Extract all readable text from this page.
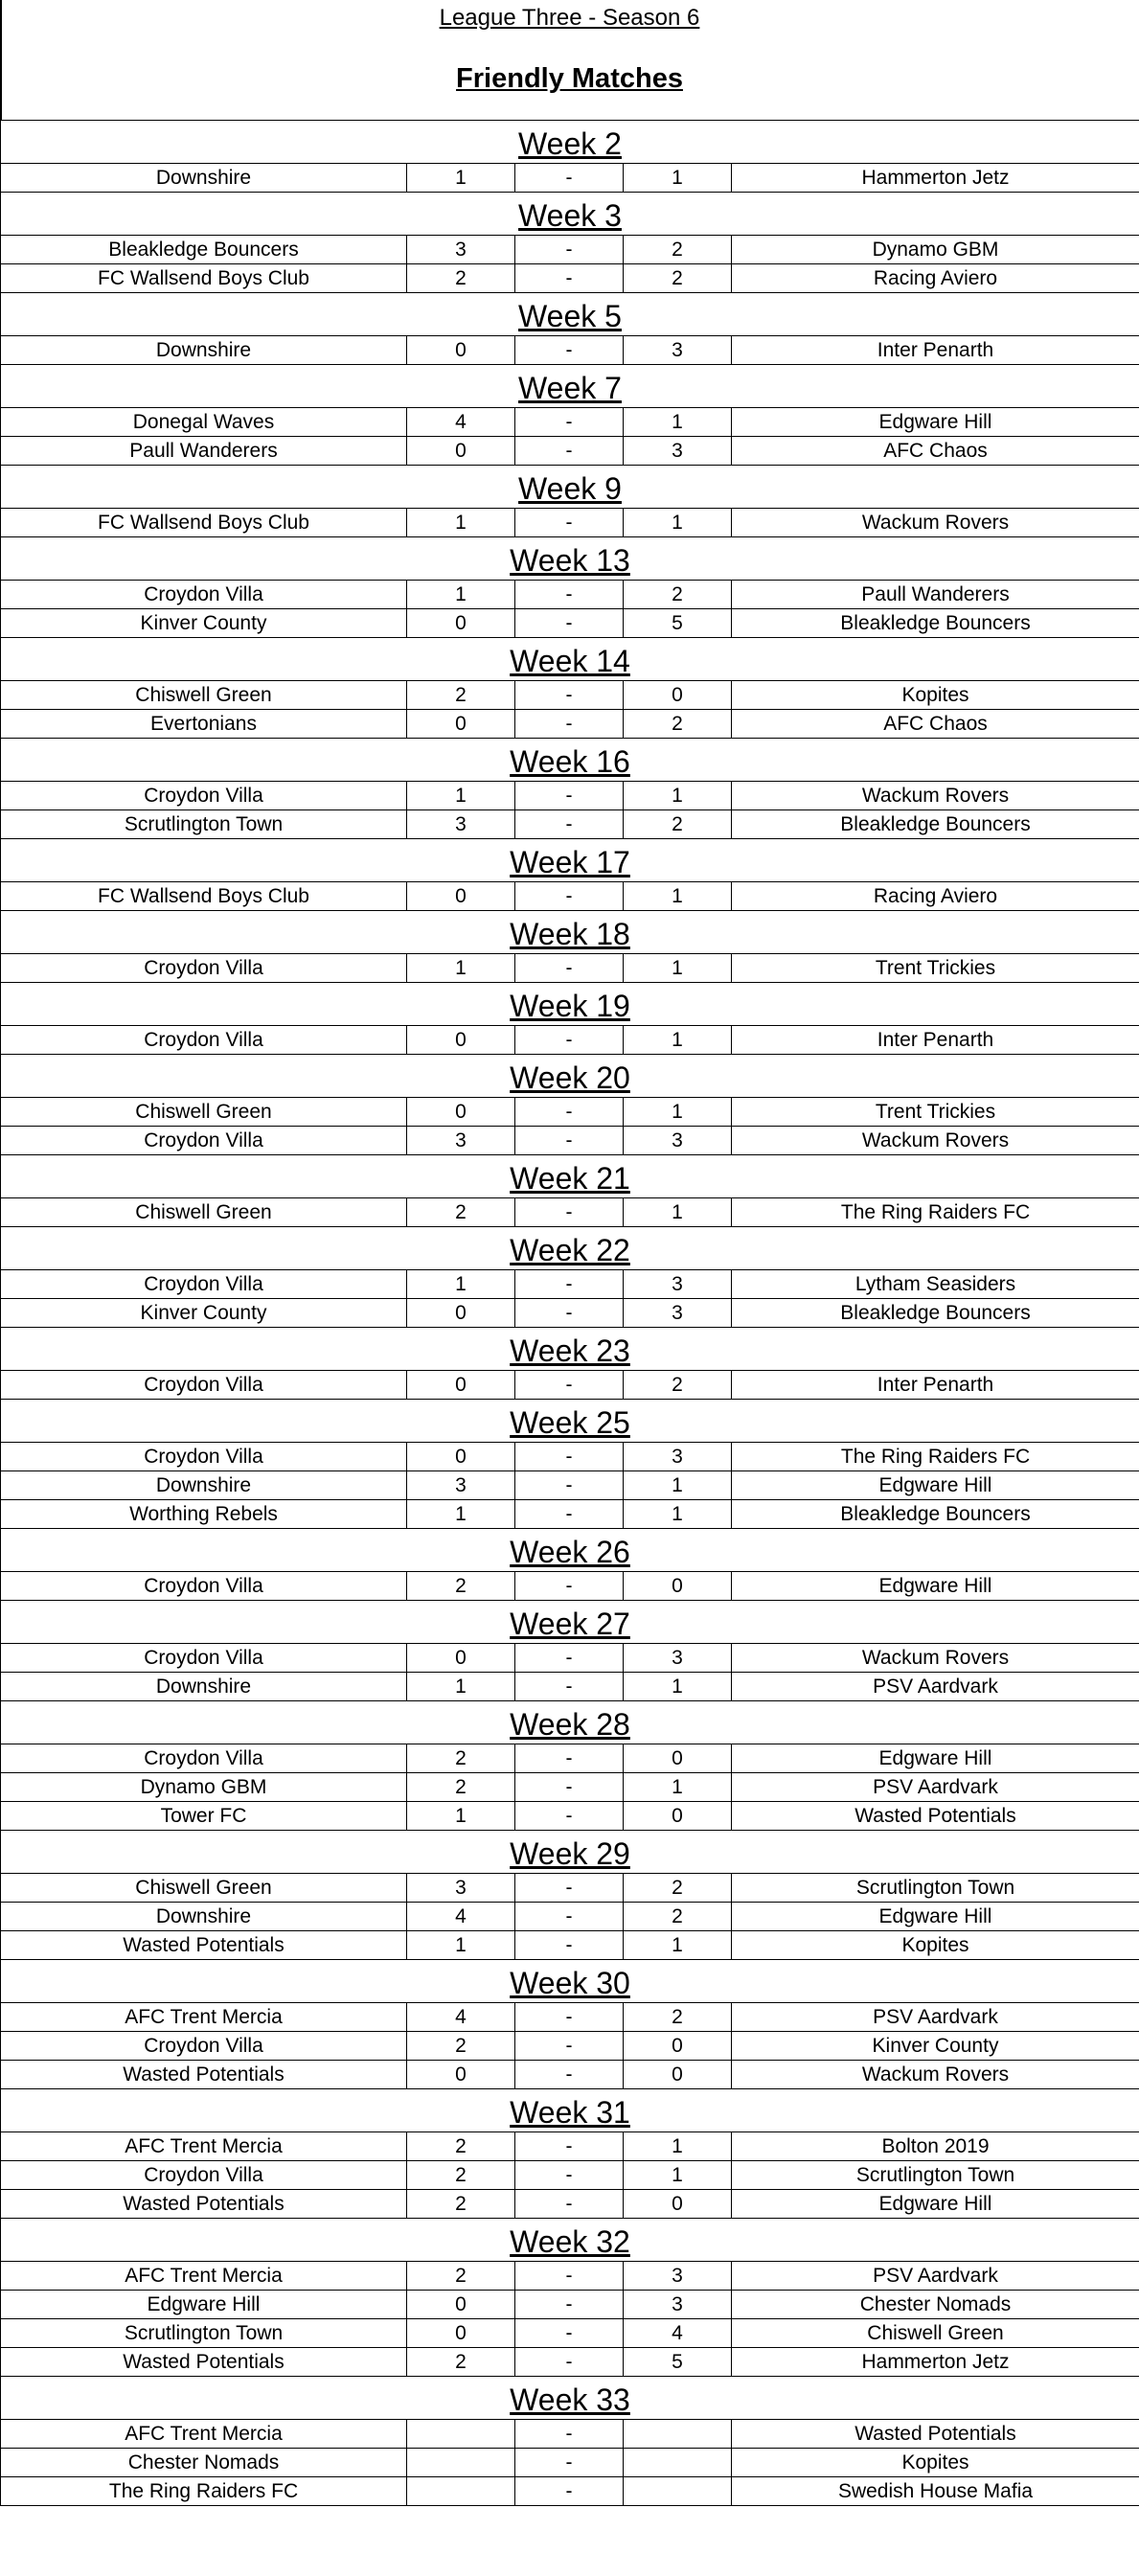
League Three - Season 6
Friendly Matches
Week 2				
Downshire	1	-	1	Hammerton Jetz
Week 3				
Bleakledge Bouncers	3	-	2	Dynamo GBM
FC Wallsend Boys Club	2	-	2	Racing Aviero
Week 5				
Downshire	0	-	3	Inter Penarth
Week 7				
Donegal Waves	4	-	1	Edgware Hill
Paull Wanderers	0	-	3	AFC Chaos
Week 9				
FC Wallsend Boys Club	1	-	1	Wackum Rovers
Week 13				
Croydon Villa	1	-	2	Paull Wanderers
Kinver County	0	-	5	Bleakledge Bouncers
Week 14				
Chiswell Green	2	-	0	Kopites
Evertonians	0	-	2	AFC Chaos
Week 16				
Croydon Villa	1	-	1	Wackum Rovers
Scrutlington Town	3	-	2	Bleakledge Bouncers
Week 17				
FC Wallsend Boys Club	0	-	1	Racing Aviero
Week 18				
Croydon Villa	1	-	1	Trent Trickies
Week 19				
Croydon Villa	0	-	1	Inter Penarth
Week 20				
Chiswell Green	0	-	1	Trent Trickies
Croydon Villa	3	-	3	Wackum Rovers
Week 21				
Chiswell Green	2	-	1	The Ring Raiders FC
Week 22				
Croydon Villa	1	-	3	Lytham Seasiders
Kinver County	0	-	3	Bleakledge Bouncers
Week 23				
Croydon Villa	0	-	2	Inter Penarth
Week 25				
Croydon Villa	0	-	3	The Ring Raiders FC
Downshire	3	-	1	Edgware Hill
Worthing Rebels	1	-	1	Bleakledge Bouncers
Week 26				
Croydon Villa	2	-	0	Edgware Hill
Week 27				
Croydon Villa	0	-	3	Wackum Rovers
Downshire	1	-	1	PSV Aardvark
Week 28				
Croydon Villa	2	-	0	Edgware Hill
Dynamo GBM	2	-	1	PSV Aardvark
Tower FC	1	-	0	Wasted Potentials
Week 29				
Chiswell Green	3	-	2	Scrutlington Town
Downshire	4	-	2	Edgware Hill
Wasted Potentials	1	-	1	Kopites
Week 30				
AFC Trent Mercia	4	-	2	PSV Aardvark
Croydon Villa	2	-	0	Kinver County
Wasted Potentials	0	-	0	Wackum Rovers
Week 31				
AFC Trent Mercia	2	-	1	Bolton 2019
Croydon Villa	2	-	1	Scrutlington Town
Wasted Potentials	2	-	0	Edgware Hill
Week 32				
AFC Trent Mercia	2	-	3	PSV Aardvark
Edgware Hill	0	-	3	Chester Nomads
Scrutlington Town	0	-	4	Chiswell Green
Wasted Potentials	2	-	5	Hammerton Jetz
Week 33				
AFC Trent Mercia		-		Wasted Potentials
Chester Nomads		-		Kopites
The Ring Raiders FC		-		Swedish House Mafia
